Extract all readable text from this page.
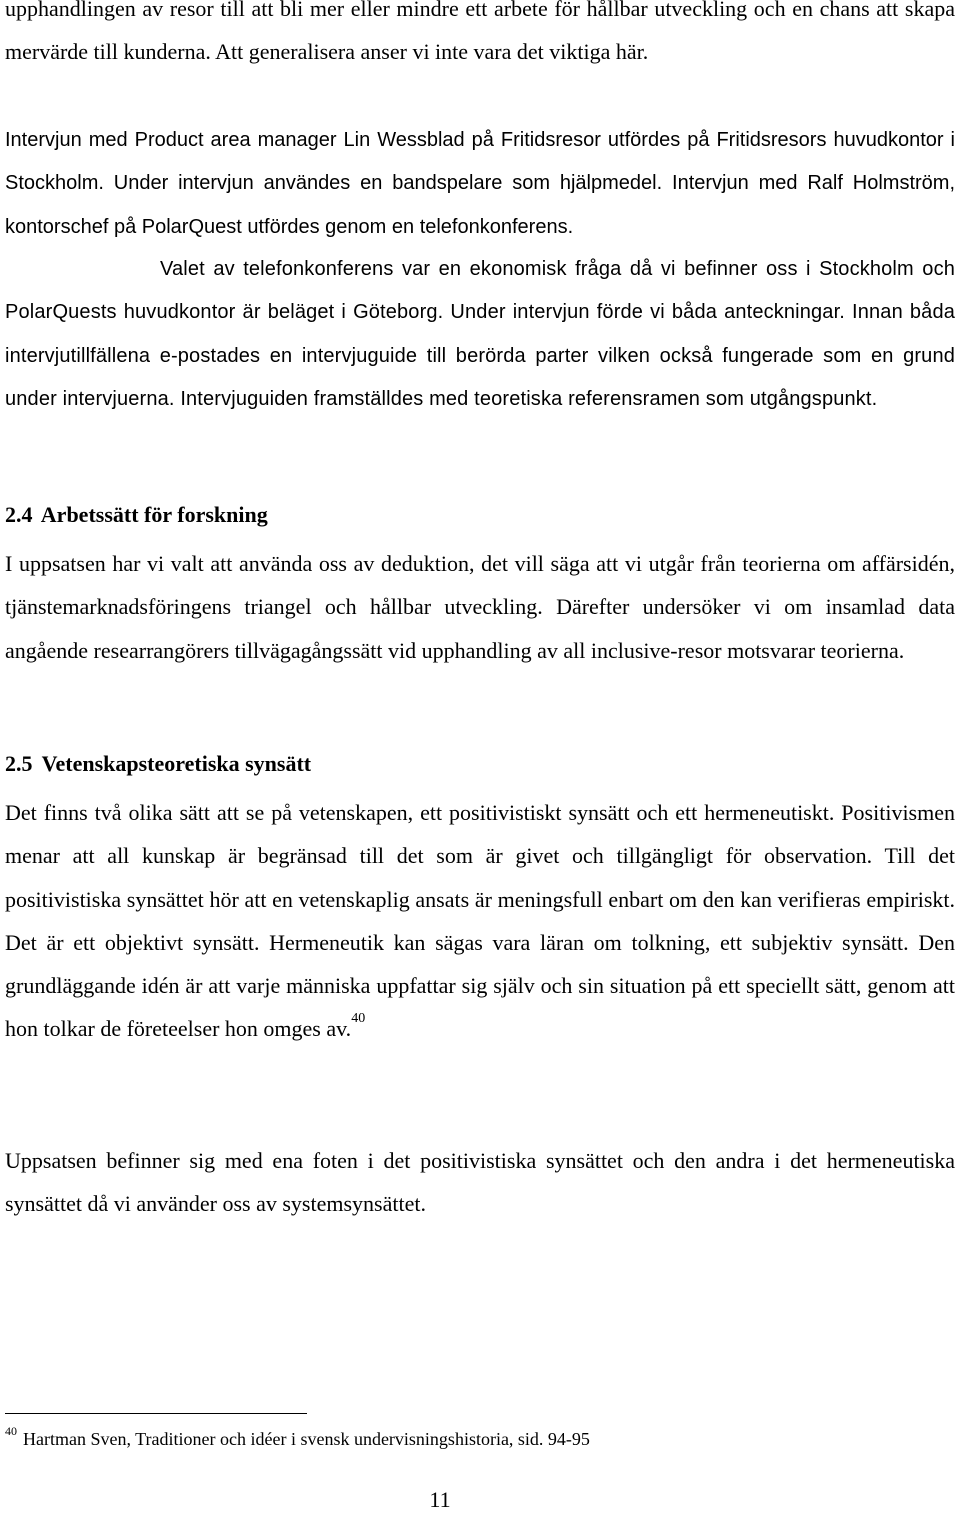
upphandlingen av resor till att bli mer eller mindre ett arbete för hållbar utveckling och en chans att skapa mervärde till kunderna. Att generalisera anser vi inte vara det viktiga här.

Intervjun med Product area manager Lin Wessblad på Fritidsresor utfördes på Fritidsresors huvudkontor i Stockholm. Under intervjun användes en bandspelare som hjälpmedel. Intervjun med Ralf Holmström, kontorschef på PolarQuest utfördes genom en telefonkonferens.

Valet av telefonkonferens var en ekonomisk fråga då vi befinner oss i Stockholm och PolarQuests huvudkontor är beläget i Göteborg. Under intervjun förde vi båda anteckningar. Innan båda intervjutillfällena e-postades en intervjuguide till berörda parter vilken också fungerade som en grund under intervjuerna. Intervjuguiden framställdes med teoretiska referensramen som utgångspunkt.

2.4 Arbetssätt för forskning

I uppsatsen har vi valt att använda oss av deduktion, det vill säga att vi utgår från teorierna om affärsidén, tjänstemarknadsföringens triangel och hållbar utveckling. Därefter undersöker vi om insamlad data angående researrangörers tillvägagångssätt vid upphandling av all inclusive-resor motsvarar teorierna.

2.5 Vetenskapsteoretiska synsätt

Det finns två olika sätt att se på vetenskapen, ett positivistiskt synsätt och ett hermeneutiskt. Positivismen menar att all kunskap är begränsad till det som är givet och tillgängligt för observation. Till det positivistiska synsättet hör att en vetenskaplig ansats är meningsfull enbart om den kan verifieras empiriskt. Det är ett objektivt synsätt. Hermeneutik kan sägas vara läran om tolkning, ett subjektiv synsätt. Den grundläggande idén är att varje människa uppfattar sig själv och sin situation på ett speciellt sätt, genom att hon tolkar de företeelser hon omges av.$^{40}$

Uppsatsen befinner sig med ena foten i det positivistiska synsättet och den andra i det hermeneutiska synsättet då vi använder oss av systemsynsättet.

$^{40}$ Hartman Sven, Traditioner och idéer i svensk undervisningshistoria, sid. 94-95

11
